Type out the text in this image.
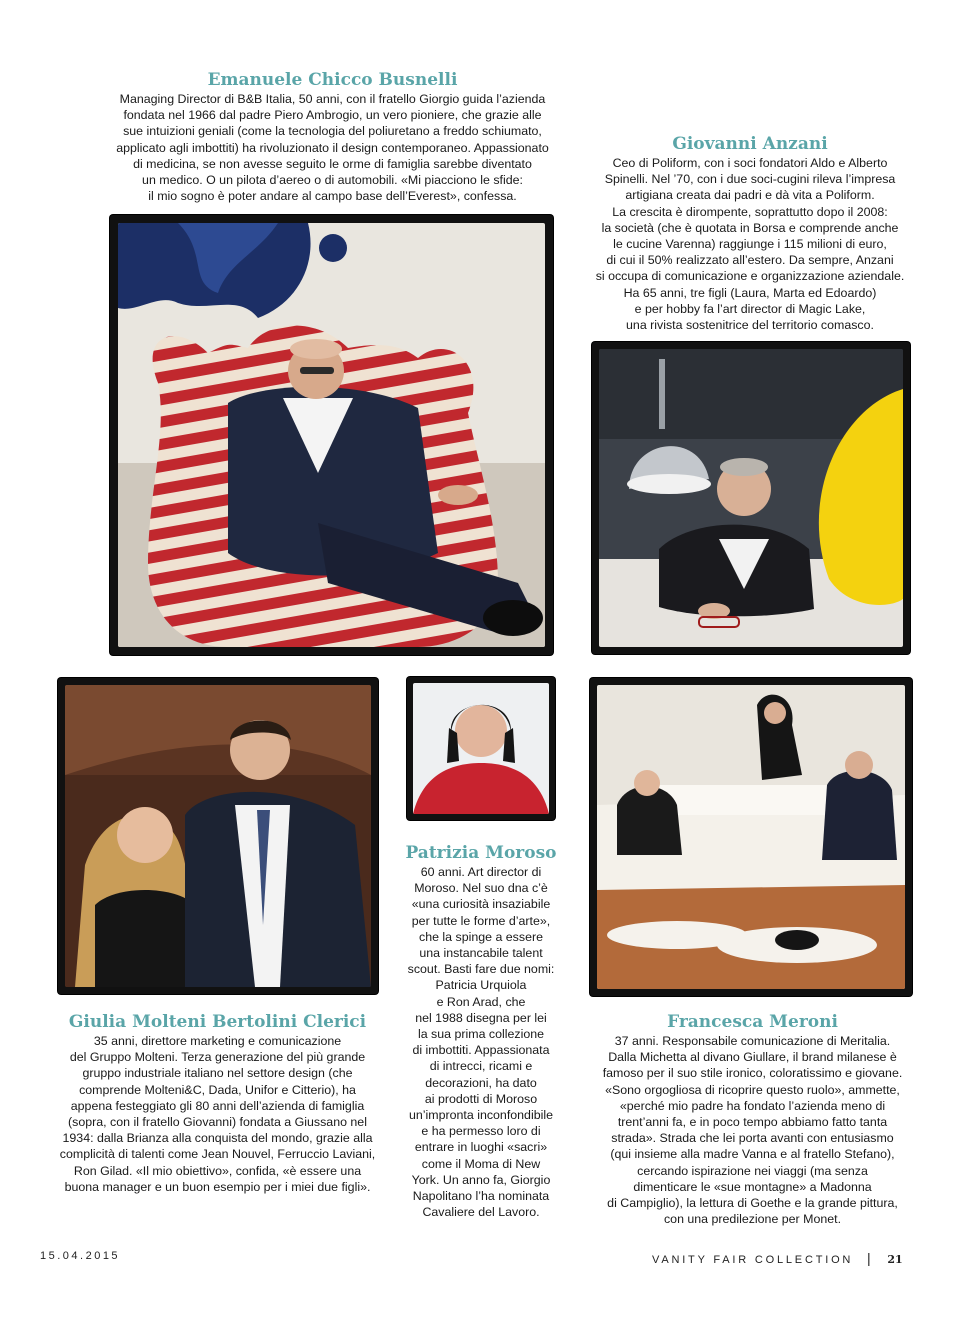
Emanuele Chicco Busnelli
Managing Director di B&B Italia, 50 anni, con il fratello Giorgio guida l’azienda
fondata nel 1966 dal padre Piero Ambrogio, un vero pioniere, che grazie alle
sue intuizioni geniali (come la tecnologia del poliuretano a freddo schiumato,
applicato agli imbottiti) ha rivoluzionato il design contemporaneo. Appassionato
di medicina, se non avesse seguito le orme di famiglia sarebbe diventato
un medico. O un pilota d’aereo o di automobili. «Mi piacciono le sfide:
il mio sogno è poter andare al campo base dell’Everest», confessa.
Giovanni Anzani
Ceo di Poliform, con i soci fondatori Aldo e Alberto
Spinelli. Nel ’70, con i due soci-cugini rileva l’impresa
artigiana creata dai padri e dà vita a Poliform.
La crescita è dirompente, soprattutto dopo il 2008:
la società (che è quotata in Borsa e comprende anche
le cucine Varenna) raggiunge i 115 milioni di euro,
di cui il 50% realizzato all’estero. Da sempre, Anzani
si occupa di comunicazione e organizzazione aziendale.
Ha 65 anni, tre figli (Laura, Marta ed Edoardo)
e per hobby fa l’art director di Magic Lake,
una rivista sostenitrice del territorio comasco.
Patrizia Moroso
60 anni. Art director di
Moroso. Nel suo dna c’è
«una curiosità insaziabile
per tutte le forme d’arte»,
che la spinge a essere
una instancabile talent
scout. Basti fare due nomi:
Patricia Urquiola
e Ron Arad, che
nel 1988 disegna per lei
la sua prima collezione
di imbottiti. Appassionata
di intrecci, ricami e
decorazioni, ha dato
ai prodotti di Moroso
un’impronta inconfondibile
e ha permesso loro di
entrare in luoghi «sacri»
come il Moma di New
York. Un anno fa, Giorgio
Napolitano l’ha nominata
Cavaliere del Lavoro.
Giulia Molteni Bertolini Clerici
35 anni, direttore marketing e comunicazione
del Gruppo Molteni. Terza generazione del più grande
gruppo industriale italiano nel settore design (che
comprende Molteni&C, Dada, Unifor e Citterio), ha
appena festeggiato gli 80 anni dell’azienda di famiglia
(sopra, con il fratello Giovanni) fondata a Giussano nel
1934: dalla Brianza alla conquista del mondo, grazie alla
complicità di talenti come Jean Nouvel, Ferruccio Laviani,
Ron Gilad. «Il mio obiettivo», confida, «è essere una
buona manager e un buon esempio per i miei due figli».
Francesca Meroni
37 anni. Responsabile comunicazione di Meritalia.
Dalla Michetta al divano Giullare, il brand milanese è
famoso per il suo stile ironico, coloratissimo e giovane.
«Sono orgogliosa di ricoprire questo ruolo», ammette,
«perché mio padre ha fondato l’azienda meno di
trent’anni fa, e in poco tempo abbiamo fatto tanta
strada». Strada che lei porta avanti con entusiasmo
(qui insieme alla madre Vanna e al fratello Stefano),
cercando ispirazione nei viaggi (ma senza
dimenticare le «sue montagne» a Madonna
di Campiglio), la lettura di Goethe e la grande pittura,
con una predilezione per Monet.
15.04.2015	VANITY FAIR COLLECTION | 21
